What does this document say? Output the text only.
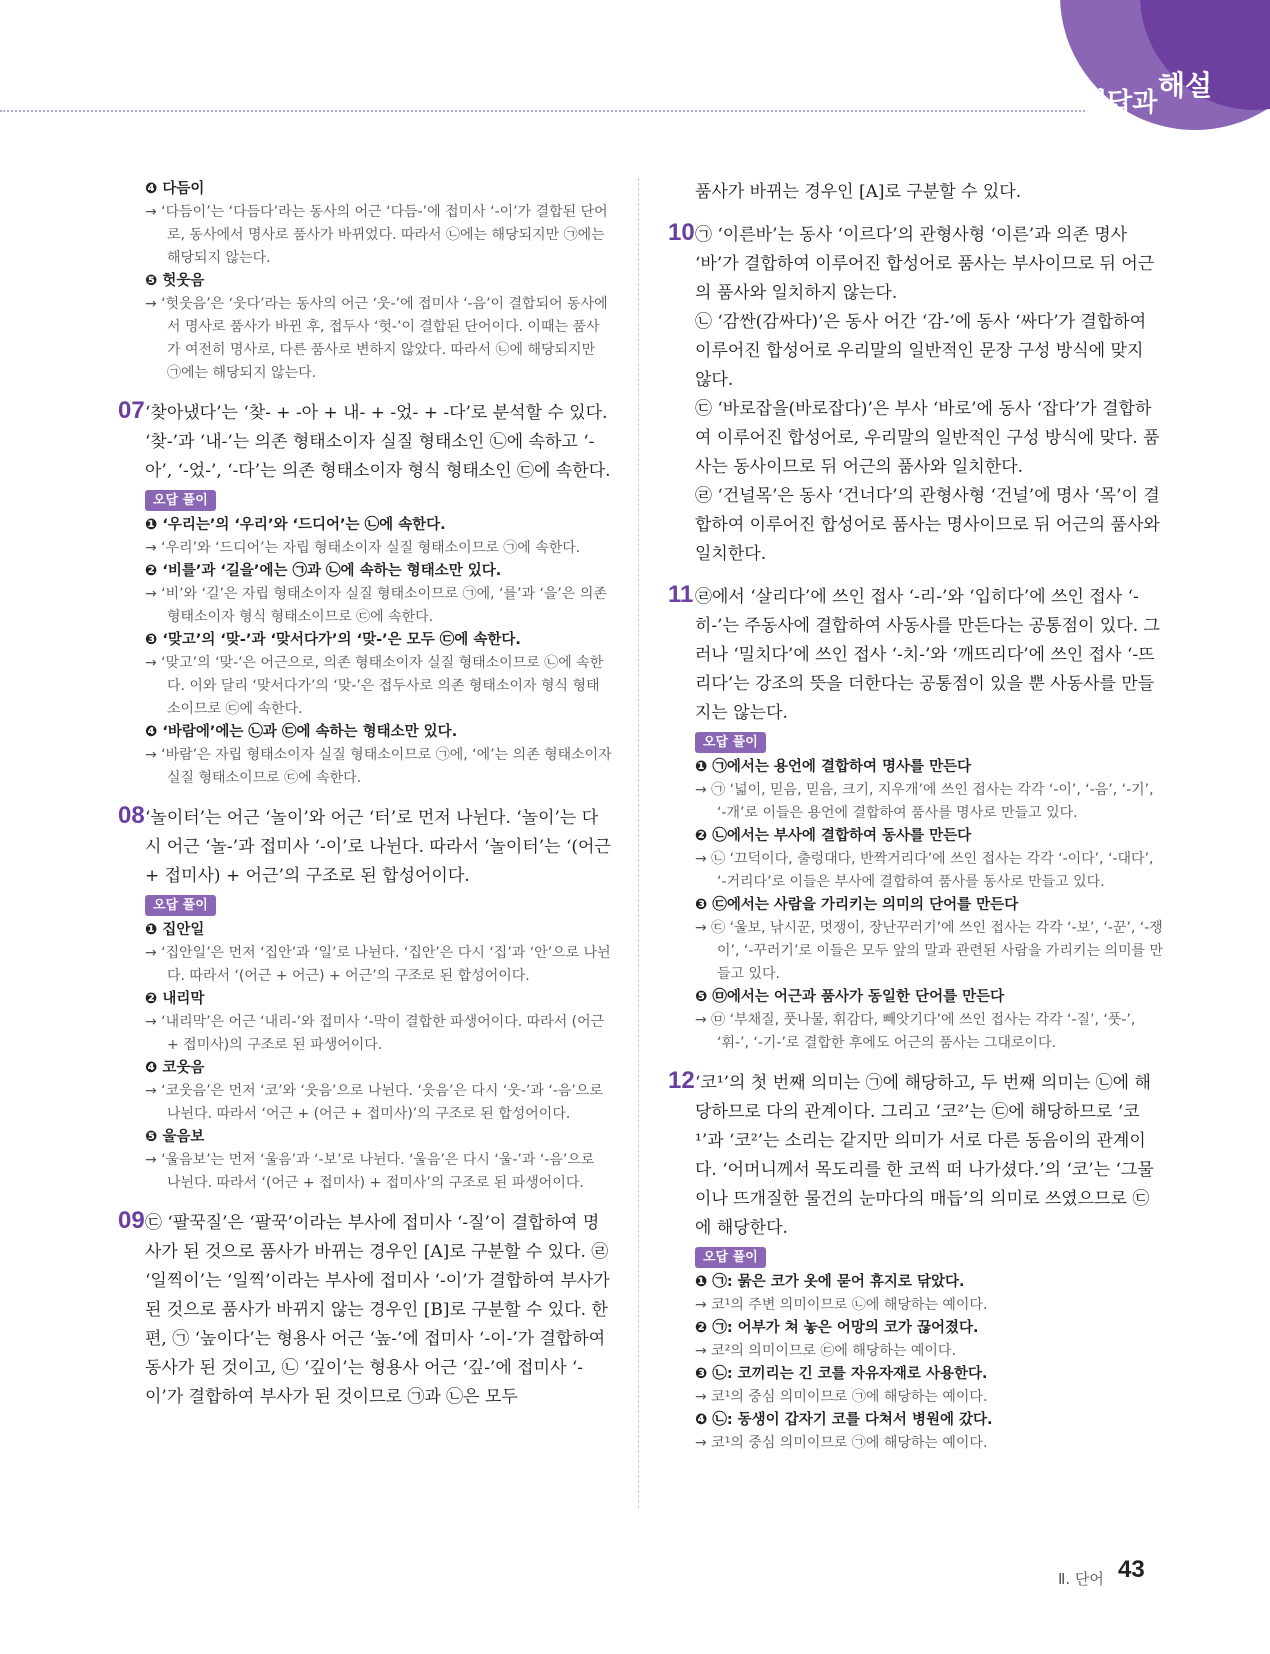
정답과
해설
❹ 다듬이
→ ‘다듬이’는 ‘다듬다’라는 동사의 어근 ‘다듬-’에 접미사 ‘-이’가 결합된 단어로, 동사에서 명사로 품사가 바뀌었다. 따라서 ㉡에는 해당되지만 ㉠에는 해당되지 않는다.
❺ 헛웃음
→ ‘헛웃음’은 ‘웃다’라는 동사의 어근 ‘웃-’에 접미사 ‘-음’이 결합되어 동사에서 명사로 품사가 바뀐 후, 접두사 ‘헛-’이 결합된 단어이다. 이때는 품사가 여전히 명사로, 다른 품사로 변하지 않았다. 따라서 ㉡에 해당되지만 ㉠에는 해당되지 않는다.
07 ‘찾아냈다’는 ‘찾- + -아 + 내- + -었- + -다’로 분석할 수 있다. ‘찾-’과 ‘내-’는 의존 형태소이자 실질 형태소인 ㉡에 속하고 ‘-아’, ‘-었-’, ‘-다’는 의존 형태소이자 형식 형태소인 ㉢에 속한다.

오답 풀이
❶ ‘우리는’의 ‘우리’와 ‘드디어’는 ㉡에 속한다.
→ ‘우리’와 ‘드디어’는 자립 형태소이자 실질 형태소이므로 ㉠에 속한다.
❷ ‘비를’과 ‘길을’에는 ㉠과 ㉡에 속하는 형태소만 있다.
→ ‘비’와 ‘길’은 자립 형태소이자 실질 형태소이므로 ㉠에, ‘를’과 ‘을’은 의존 형태소이자 형식 형태소이므로 ㉢에 속한다.
❸ ‘맞고’의 ‘맞-’과 ‘맞서다가’의 ‘맞-’은 모두 ㉢에 속한다.
→ ‘맞고’의 ‘맞-’은 어근으로, 의존 형태소이자 실질 형태소이므로 ㉡에 속한다. 이와 달리 ‘맞서다가’의 ‘맞-’은 접두사로 의존 형태소이자 형식 형태소이므로 ㉢에 속한다.
❹ ‘바람에’에는 ㉡과 ㉢에 속하는 형태소만 있다.
→ ‘바람’은 자립 형태소이자 실질 형태소이므로 ㉠에, ‘에’는 의존 형태소이자 실질 형태소이므로 ㉢에 속한다.
08 ‘놀이터’는 어근 ‘놀이’와 어근 ‘터’로 먼저 나뉜다. ‘놀이’는 다시 어근 ‘놀-’과 접미사 ‘-이’로 나뉜다. 따라서 ‘놀이터’는 ‘(어근 + 접미사) + 어근’의 구조로 된 합성어이다.

오답 풀이
❶ 집안일
→ ‘집안일’은 먼저 ‘집안’과 ‘일’로 나뉜다. ‘집안’은 다시 ‘집’과 ‘안’으로 나뉜다. 따라서 ‘(어근 + 어근) + 어근’의 구조로 된 합성어이다.
❷ 내리막
→ ‘내리막’은 어근 ‘내리-’와 접미사 ‘-막이 결합한 파생어이다. 따라서 (어근 + 접미사)의 구조로 된 파생어이다.
❹ 코웃음
→ ‘코웃음’은 먼저 ‘코’와 ‘웃음’으로 나뉜다. ‘웃음’은 다시 ‘웃-’과 ‘-음’으로 나뉜다. 따라서 ‘어근 + (어근 + 접미사)’의 구조로 된 합성어이다.
❺ 울음보
→ ‘울음보’는 먼저 ‘울음’과 ‘-보’로 나뉜다. ‘울음’은 다시 ‘울-’과 ‘-음’으로 나뉜다. 따라서 ‘(어근 + 접미사) + 접미사’의 구조로 된 파생어이다.
09 ㉢ ‘팔꾹질’은 ‘팔꾹’이라는 부사에 접미사 ‘-질’이 결합하여 명사가 된 것으로 품사가 바뀌는 경우인 [A]로 구분할 수 있다. ㉣ ‘일찍이’는 ‘일찍’이라는 부사에 접미사 ‘-이’가 결합하여 부사가 된 것으로 품사가 바뀌지 않는 경우인 [B]로 구분할 수 있다. 한편, ㉠ ‘높이다’는 형용사 어근 ‘높-’에 접미사 ‘-이-’가 결합하여 동사가 된 것이고, ㉡ ‘깊이’는 형용사 어근 ‘깊-’에 접미사 ‘-이’가 결합하여 부사가 된 것이므로 ㉠과 ㉡은 모두

품사가 바뀌는 경우인 [A]로 구분할 수 있다.

10 ㉠ ‘이른바’는 동사 ‘이르다’의 관형사형 ‘이른’과 의존 명사 ‘바’가 결합하여 이루어진 합성어로 품사는 부사이므로 뒤 어근의 품사와 일치하지 않는다.

㉡ ‘감싼(감싸다)’은 동사 어간 ‘감-’에 동사 ‘싸다’가 결합하여 이루어진 합성어로 우리말의 일반적인 문장 구성 방식에 맞지 않다.

㉢ ‘바로잡을(바로잡다)’은 부사 ‘바로’에 동사 ‘잡다’가 결합하여 이루어진 합성어로, 우리말의 일반적인 구성 방식에 맞다. 품사는 동사이므로 뒤 어근의 품사와 일치한다.

㉣ ‘건널목’은 동사 ‘건너다’의 관형사형 ‘건널’에 명사 ‘목’이 결합하여 이루어진 합성어로 품사는 명사이므로 뒤 어근의 품사와 일치한다.

11 ㉣에서 ‘살리다’에 쓰인 접사 ‘-리-’와 ‘입히다’에 쓰인 접사 ‘-히-’는 주동사에 결합하여 사동사를 만든다는 공통점이 있다. 그러나 ‘밀치다’에 쓰인 접사 ‘-치-’와 ‘깨뜨리다’에 쓰인 접사 ‘-뜨리다’는 강조의 뜻을 더한다는 공통점이 있을 뿐 사동사를 만들지는 않는다.

오답 풀이
❶ ㉠에서는 용언에 결합하여 명사를 만든다
→ ㉠ ‘넓이, 믿음, 믿음, 크기, 지우개’에 쓰인 접사는 각각 ‘-이’, ‘-음’, ‘-기’, ‘-개’로 이들은 용언에 결합하여 품사를 명사로 만들고 있다.
❷ ㉡에서는 부사에 결합하여 동사를 만든다
→ ㉡ ‘끄덕이다, 출렁대다, 반짝거리다’에 쓰인 접사는 각각 ‘-이다’, ‘-대다’, ‘-거리다’로 이들은 부사에 결합하여 품사를 동사로 만들고 있다.
❸ ㉢에서는 사람을 가리키는 의미의 단어를 만든다
→ ㉢ ‘울보, 낚시꾼, 멋쟁이, 장난꾸러기’에 쓰인 접사는 각각 ‘-보’, ‘-꾼’, ‘-쟁이’, ‘-꾸러기’로 이들은 모두 앞의 말과 관련된 사람을 가리키는 의미를 만들고 있다.
❺ ㉤에서는 어근과 품사가 동일한 단어를 만든다
→ ㉤ ‘부채질, 풋나물, 휘감다, 빼앗기다’에 쓰인 접사는 각각 ‘-질’, ‘풋-’, ‘휘-’, ‘-기-’로 결합한 후에도 어근의 품사는 그대로이다.
12 ‘코¹’의 첫 번째 의미는 ㉠에 해당하고, 두 번째 의미는 ㉡에 해당하므로 다의 관계이다. 그리고 ‘코²’는 ㉢에 해당하므로 ‘코¹’과 ‘코²’는 소리는 같지만 의미가 서로 다른 동음이의 관계이다. ‘어머니께서 목도리를 한 코씩 떠 나가셨다.’의 ‘코’는 ‘그물이나 뜨개질한 물건의 눈마다의 매듭’의 의미로 쓰였으므로 ㉢에 해당한다.

오답 풀이
❶ ㉠: 묽은 코가 옷에 묻어 휴지로 닦았다.
→ 코¹의 주변 의미이므로 ㉡에 해당하는 예이다.
❷ ㉠: 어부가 쳐 놓은 어망의 코가 끊어졌다.
→ 코²의 의미이므로 ㉢에 해당하는 예이다.
❸ ㉡: 코끼리는 긴 코를 자유자재로 사용한다.
→ 코¹의 중심 의미이므로 ㉠에 해당하는 예이다.
❹ ㉡: 동생이 갑자기 코를 다쳐서 병원에 갔다.
→ 코¹의 중심 의미이므로 ㉠에 해당하는 예이다.
Ⅱ. 단어 43
